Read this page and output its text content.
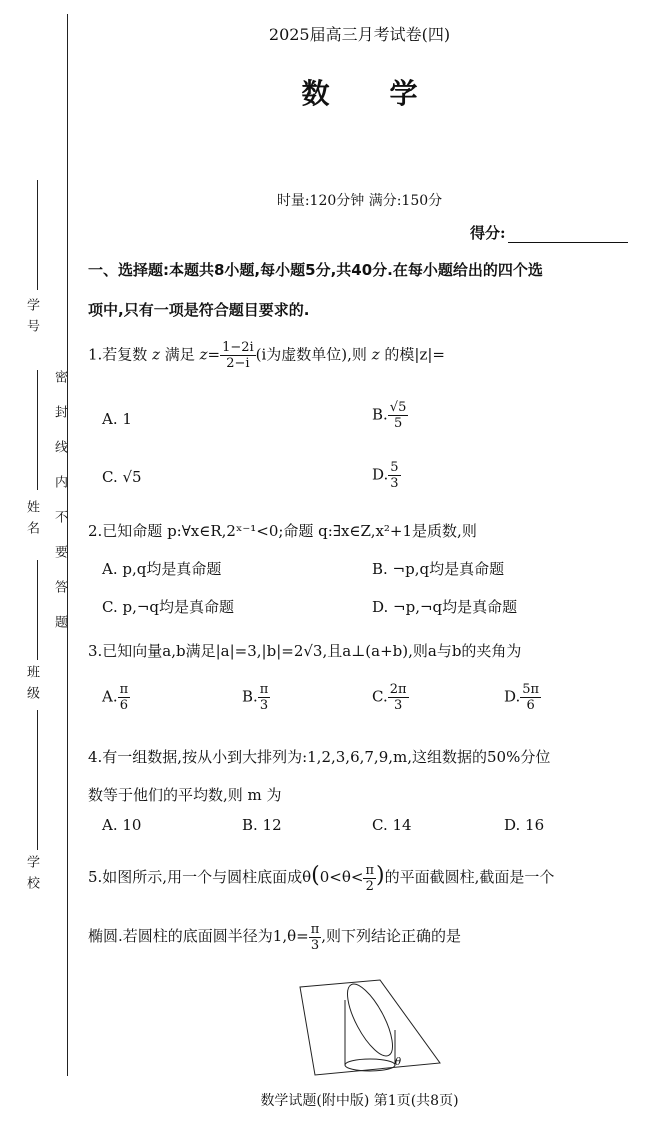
学 号
姓 名
班 级
学 校
密封线内不要答题
2025届高三月考试卷(四)
数学
时量:120分钟 满分:150分
得分:
一、选择题:本题共8小题,每小题5分,共40分.在每小题给出的四个选
项中,只有一项是符合题目要求的.
1.若复数 z 满足 $z= \frac{1-2i}{2-i} (i$为虚数单位),则 z 的模|z|=
A. 1	B. $\frac{√5}{5}$
C. √5	D. $\frac{5}{3}$
2.已知命题 p:∀x∈R,2ˣ⁻¹<0;命题 q:∃x∈Z,x²+1是质数,则
A. p,q均是真命题	B. ¬p,q均是真命题
C. p,¬q均是真命题	D. ¬p,¬q均是真命题
3.已知向量a,b满足|a|=3,|b|=2√3,且a⊥(a+b),则a与b的夹角为
A. $\frac{\pi}{6}$	B. $\frac{\pi}{3}$	C. $\frac{2\pi}{3}$	D. $\frac{5\pi}{6}$
4.有一组数据,按从小到大排列为:1,2,3,6,7,9,m,这组数据的50%分位
数等于他们的平均数,则 m 为
A. 10	B. 12	C. 14	D. 16
5.如图所示,用一个与圆柱底面成$\theta(0<\theta< \frac{\pi}{2}$ )的平面截圆柱,截面是一个
椭圆.若圆柱的底面圆半径为$1,\theta= \frac{\pi}{3}$ ,则下列结论正确的是
θ
数学试题(附中版) 第1页(共8页)
